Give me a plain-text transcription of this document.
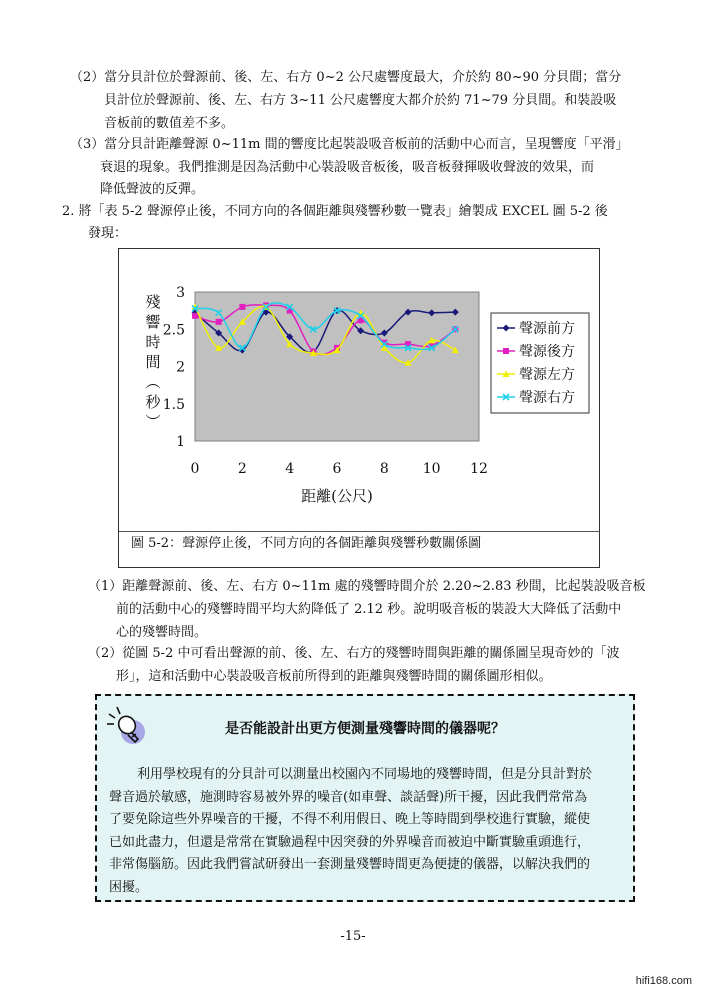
（2）當分貝計位於聲源前、後、左、右方 0~2 公尺處響度最大，介於約 80~90 分貝間；當分

貝計位於聲源前、後、左、右方 3~11 公尺處響度大都介於約 71~79 分貝間。和裝設吸

音板前的數值差不多。

（3）當分貝計距離聲源 0~11m 間的響度比起裝設吸音板前的活動中心而言，呈現響度「平滑」

衰退的現象。我們推測是因為活動中心裝設吸音板後，吸音板發揮吸收聲波的效果，而

降低聲波的反彈。

2. 將「表 5-2 聲源停止後，不同方向的各個距離與殘響秒數一覽表」繪製成 EXCEL 圖 5-2 後

發現：

3
2.5
2
1.5
1
0	2	4	6	8 10 12
殘
響
時
間
︵
秒
︶
距離(公尺)
聲源前方
聲源後方
聲源左方
聲源右方
圖 5-2：聲源停止後，不同方向的各個距離與殘響秒數關係圖

（1）距離聲源前、後、左、右方 0~11m 處的殘響時間介於 2.20~2.83 秒間，比起裝設吸音板

前的活動中心的殘響時間平均大約降低了 2.12 秒。說明吸音板的裝設大大降低了活動中

心的殘響時間。

（2）從圖 5-2 中可看出聲源的前、後、左、右方的殘響時間與距離的關係圖呈現奇妙的「波

形」，這和活動中心裝設吸音板前所得到的距離與殘響時間的關係圖形相似。

是否能設計出更方便測量殘響時間的儀器呢？
利用學校現有的分貝計可以測量出校園內不同場地的殘響時間，但是分貝計對於
聲音過於敏感，施測時容易被外界的噪音(如車聲、談話聲)所干擾，因此我們常常為
了要免除這些外界噪音的干擾，不得不利用假日、晚上等時間到學校進行實驗，縱使
已如此盡力，但還是常常在實驗過程中因突發的外界噪音而被迫中斷實驗重頭進行，
非常傷腦筋。因此我們嘗試研發出一套測量殘響時間更為便捷的儀器，以解決我們的
困擾。
-15-
hifi168.com
